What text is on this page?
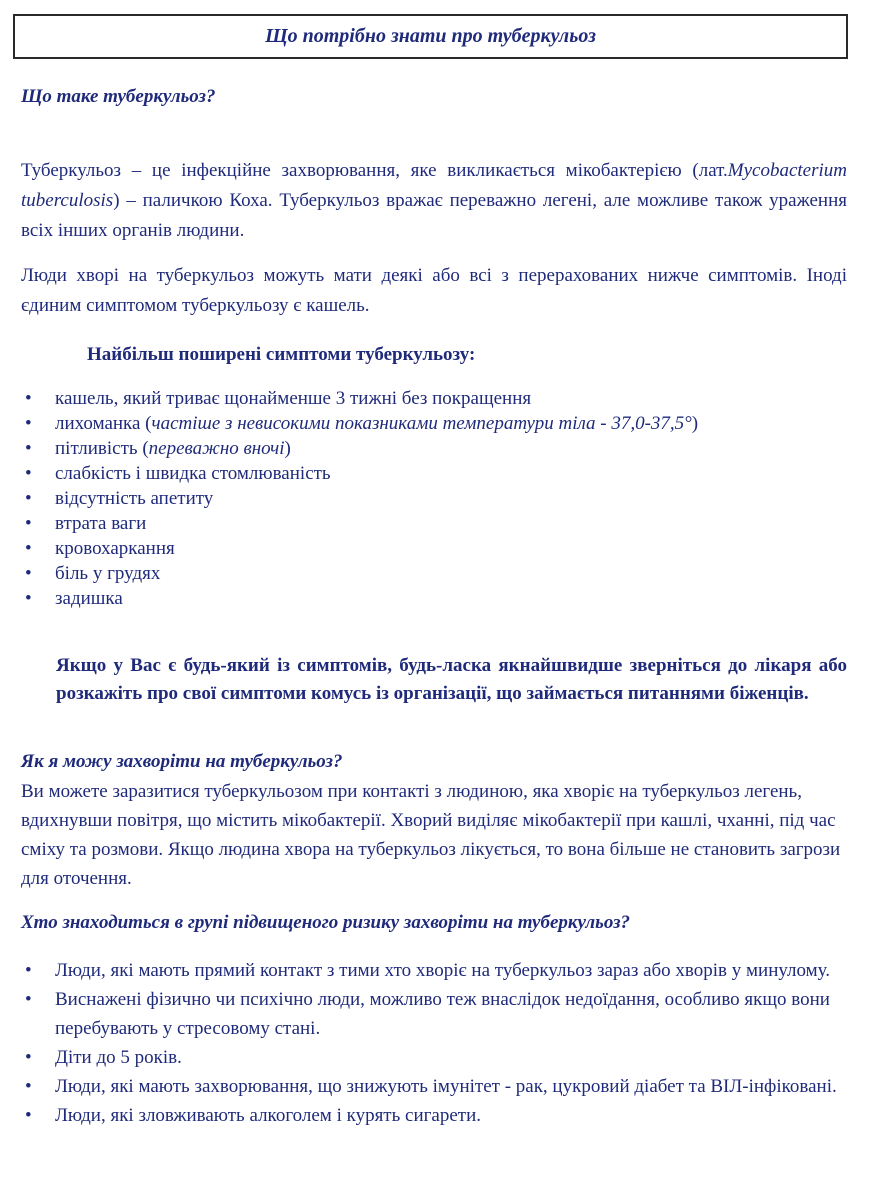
Що потрібно знати про туберкульоз
Що таке туберкульоз?

Туберкульоз – це інфекційне захворювання, яке викликається мікобактерією (лат.Mycobacterium tuberculosis) – паличкою Коха. Туберкульоз вражає переважно легені, але можливе також ураження всіх інших органів людини.

Люди хворі на туберкульоз можуть мати деякі або всі з перерахованих нижче симптомів. Іноді єдиним симптомом туберкульозу є кашель.

Найбільш поширені симптоми туберкульозу:
• кашель, який триває щонайменше 3 тижні без покращення
• лихоманка (частіше з невисокими показниками температури тіла - 37,0-37,5°)
• пітливість (переважно вночі)
• слабкість і швидка стомлюваність
• відсутність апетиту
• втрата ваги
• кровохаркання
• біль у грудях
• задишка

Якщо у Вас є будь-який із симптомів, будь-ласка якнайшвидше зверніться до лікаря або розкажіть про свої симптоми комусь із організації, що займається питаннями біженців.

Як я можу захворіти на туберкульоз?

Ви можете заразитися туберкульозом при контакті з людиною, яка хворіє на туберкульоз легень, вдихнувши повітря, що містить мікобактерії. Хворий виділяє мікобактерії при кашлі, чханні, під час сміху та розмови. Якщо людина хвора на туберкульоз лікується, то вона більше не становить загрози для оточення.

Хто знаходиться в групі підвищеного ризику захворіти на туберкульоз?
• Люди, які мають прямий контакт з тими хто хворіє на туберкульоз зараз або хворів у минулому.
• Виснажені фізично чи психічно люди, можливо теж внаслідок недоїдання, особливо якщо вони перебувають у стресовому стані.
• Діти до 5 років.
• Люди, які мають захворювання, що знижують імунітет - рак, цукровий діабет та ВІЛ-інфіковані.
• Люди, які зловживають алкоголем і курять сигарети.
